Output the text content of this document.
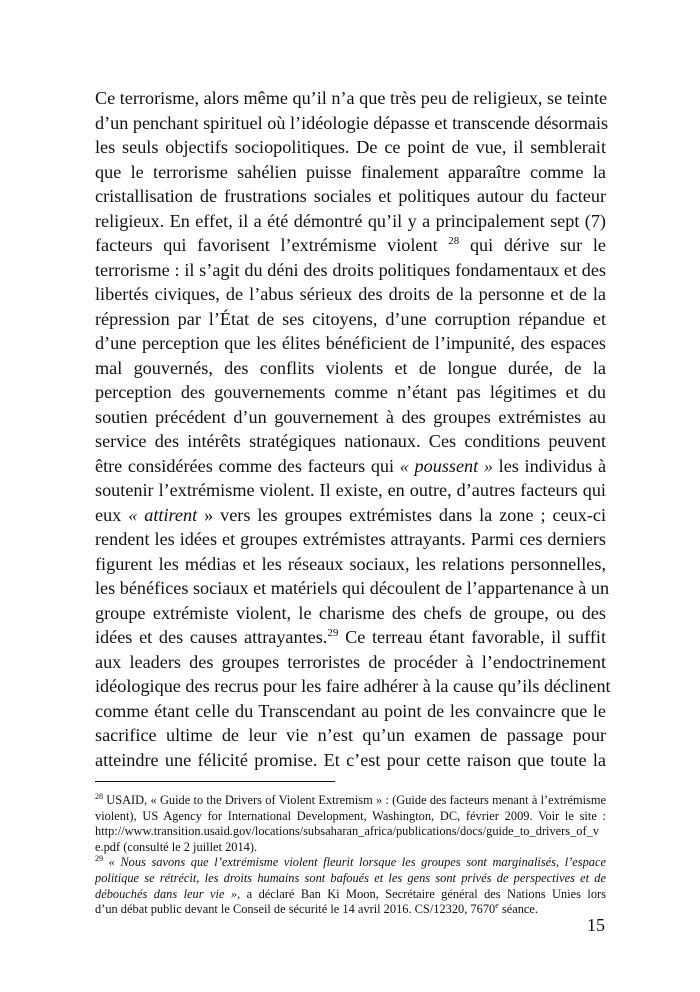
Ce terrorisme, alors même qu’il n’a que très peu de religieux, se teinte
d’un penchant spirituel où l’idéologie dépasse et transcende désormais
les seuls objectifs sociopolitiques. De ce point de vue, il semblerait
que le terrorisme sahélien puisse finalement apparaître comme la
cristallisation de frustrations sociales et politiques autour du facteur
religieux. En effet, il a été démontré qu’il y a principalement sept (7)
facteurs qui favorisent l’extrémisme violent $^{28}$ qui dérive sur le
terrorisme : il s’agit du déni des droits politiques fondamentaux et des
libertés civiques, de l’abus sérieux des droits de la personne et de la
répression par l’État de ses citoyens, d’une corruption répandue et
d’une perception que les élites bénéficient de l’impunité, des espaces
mal gouvernés, des conflits violents et de longue durée, de la
perception des gouvernements comme n’étant pas légitimes et du
soutien précédent d’un gouvernement à des groupes extrémistes au
service des intérêts stratégiques nationaux. Ces conditions peuvent
être considérées comme des facteurs qui « poussent » les individus à
soutenir l’extrémisme violent. Il existe, en outre, d’autres facteurs qui
eux « attirent » vers les groupes extrémistes dans la zone ; ceux-ci
rendent les idées et groupes extrémistes attrayants. Parmi ces derniers
figurent les médias et les réseaux sociaux, les relations personnelles,
les bénéfices sociaux et matériels qui découlent de l’appartenance à un
groupe extrémiste violent, le charisme des chefs de groupe, ou des
idées et des causes attrayantes.$^{29}$ Ce terreau étant favorable, il suffit
aux leaders des groupes terroristes de procéder à l’endoctrinement
idéologique des recrus pour les faire adhérer à la cause qu’ils déclinent
comme étant celle du Transcendant au point de les convaincre que le
sacrifice ultime de leur vie n’est qu’un examen de passage pour
atteindre une félicité promise. Et c’est pour cette raison que toute la
$^{28}$ USAID, « Guide to the Drivers of Violent Extremism » : (Guide des facteurs menant à l’extrémisme
violent), US Agency for International Development, Washington, DC, février 2009. Voir le site :
http://www.transition.usaid.gov/locations/subsaharan_africa/publications/docs/guide_to_drivers_of_v
e.pdf (consulté le 2 juillet 2014).
$^{29}$ « Nous savons que l’extrémisme violent fleurit lorsque les groupes sont marginalisés, l’espace
politique se rétrécit, les droits humains sont bafoués et les gens sont privés de perspectives et de
débouchés dans leur vie », a déclaré Ban Ki Moon, Secrétaire général des Nations Unies lors
d’un débat public devant le Conseil de sécurité le 14 avril 2016. CS/12320, 7670e séance.
15
